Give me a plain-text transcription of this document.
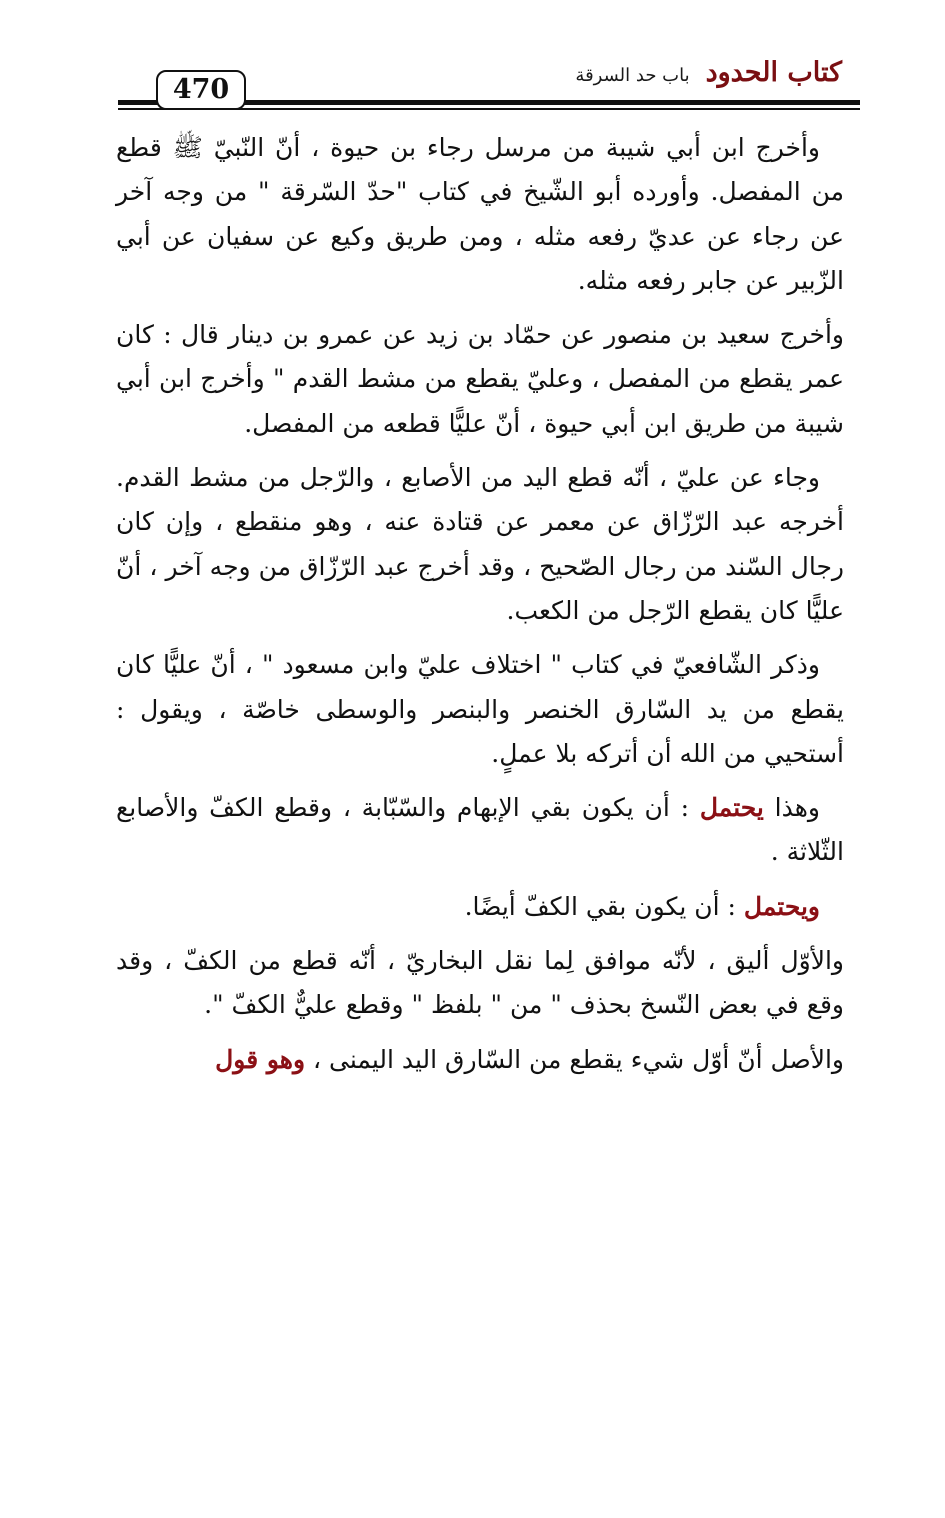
كتاب الحدود باب حد السرقة
470

وأخرج ابن أبي شيبة من مرسل رجاء بن حيوة ، أنّ النّبيّ ﷺ قطع من المفصل. وأورده أبو الشّيخ في كتاب "حدّ السّرقة " من وجه آخر عن رجاء عن عديّ رفعه مثله ، ومن طريق وكيع عن سفيان عن أبي الزّبير عن جابر رفعه مثله.

وأخرج سعيد بن منصور عن حمّاد بن زيد عن عمرو بن دينار قال : كان عمر يقطع من المفصل ، وعليّ يقطع من مشط القدم " وأخرج ابن أبي شيبة من طريق ابن أبي حيوة ، أنّ عليًّا قطعه من المفصل.

وجاء عن عليّ ، أنّه قطع اليد من الأصابع ، والرّجل من مشط القدم. أخرجه عبد الرّزّاق عن معمر عن قتادة عنه ، وهو منقطع ، وإن كان رجال السّند من رجال الصّحيح ، وقد أخرج عبد الرّزّاق من وجه آخر ، أنّ عليًّا كان يقطع الرّجل من الكعب.

وذكر الشّافعيّ في كتاب " اختلاف عليّ وابن مسعود " ، أنّ عليًّا كان يقطع من يد السّارق الخنصر والبنصر والوسطى خاصّة ، ويقول : أستحيي من الله أن أتركه بلا عملٍ.

وهذا يحتمل : أن يكون بقي الإبهام والسّبّابة ، وقطع الكفّ والأصابع الثّلاثة .

ويحتمل : أن يكون بقي الكفّ أيضًا.

والأوّل أليق ، لأنّه موافق لِما نقل البخاريّ ، أنّه قطع من الكفّ ، وقد وقع في بعض النّسخ بحذف " من " بلفظ " وقطع عليٌّ الكفّ ".

والأصل أنّ أوّل شيء يقطع من السّارق اليد اليمنى ، وهو قول
